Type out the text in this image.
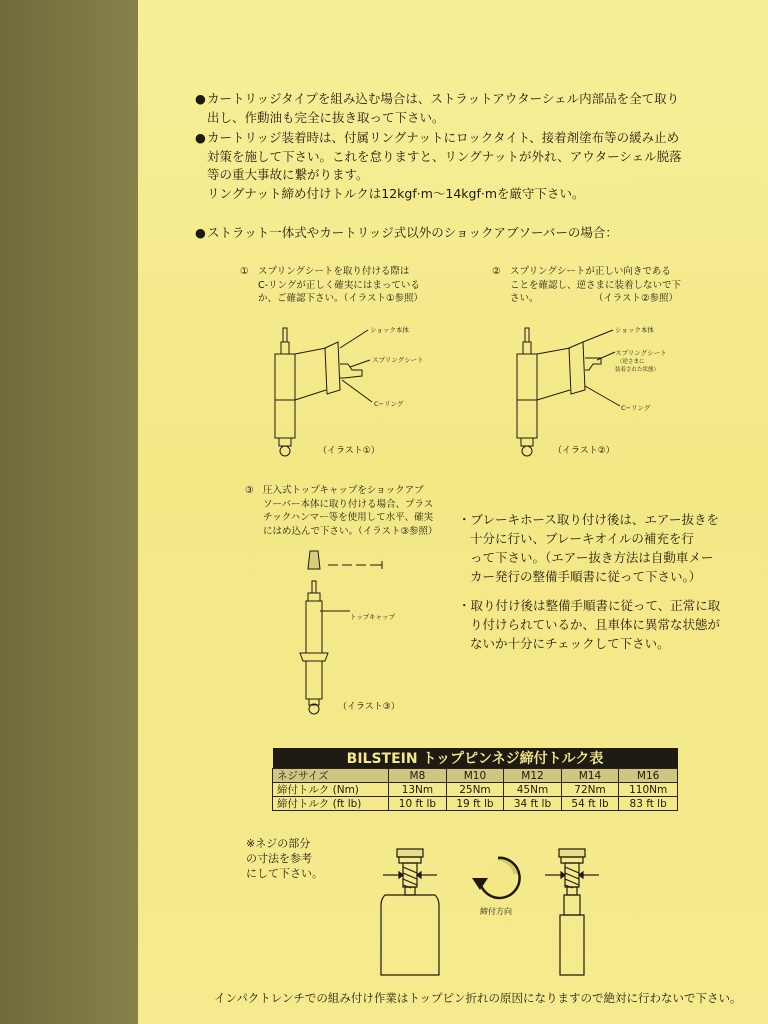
● カートリッジタイプを組み込む場合は、ストラットアウターシェル内部品を全て取り
出し、作動油も完全に抜き取って下さい。
● カートリッジ装着時は、付属リングナットにロックタイト、接着剤塗布等の緩み止め
対策を施して下さい。これを怠りますと、リングナットが外れ、アウターシェル脱落
等の重大事故に繋がります。
リングナット締め付けトルクは12kgf·m〜14kgf·mを厳守下さい。
● ストラット一体式やカートリッジ式以外のショックアブソーバーの場合：
① スプリングシートを取り付ける際は
C-リングが正しく確実にはまっている
か、ご確認下さい。（イラスト①参照）
② スプリングシートが正しい向きである
ことを確認し、逆さまに装着しないで下
さい。	（イラスト②参照）
ショック本体
スプリングシート
C−リング
（イラスト①）
ショック本体
スプリングシート
（逆さまに
装着された状態）
C−リング
（イラスト②）
③ 圧入式トップキャップをショックアブ
ソーバー本体に取り付ける場合、プラス
チックハンマー等を使用して水平、確実
にはめ込んで下さい。（イラスト③参照）
トップキャップ
（イラスト③）
・ブレーキホース取り付け後は、エアー抜きを
十分に行い、ブレーキオイルの補充を行
って下さい。（エアー抜き方法は自動車メー
カー発行の整備手順書に従って下さい。）
・取り付け後は整備手順書に従って、正常に取
り付けられているか、且車体に異常な状態が
ないか十分にチェックして下さい。
BILSTEIN トップピンネジ締付トルク表					
ネジサイズ	M8	M10	M12	M14	M16
締付トルク (Nm)	13Nm	25Nm	45Nm	72Nm	110Nm
締付トルク (ft lb)	10 ft lb	19 ft lb	34 ft lb	54 ft lb	83 ft lb
※ネジの部分
の寸法を参考
にして下さい。
締付方向
インパクトレンチでの組み付け作業はトップピン折れの原因になりますので絶対に行わないで下さい。
